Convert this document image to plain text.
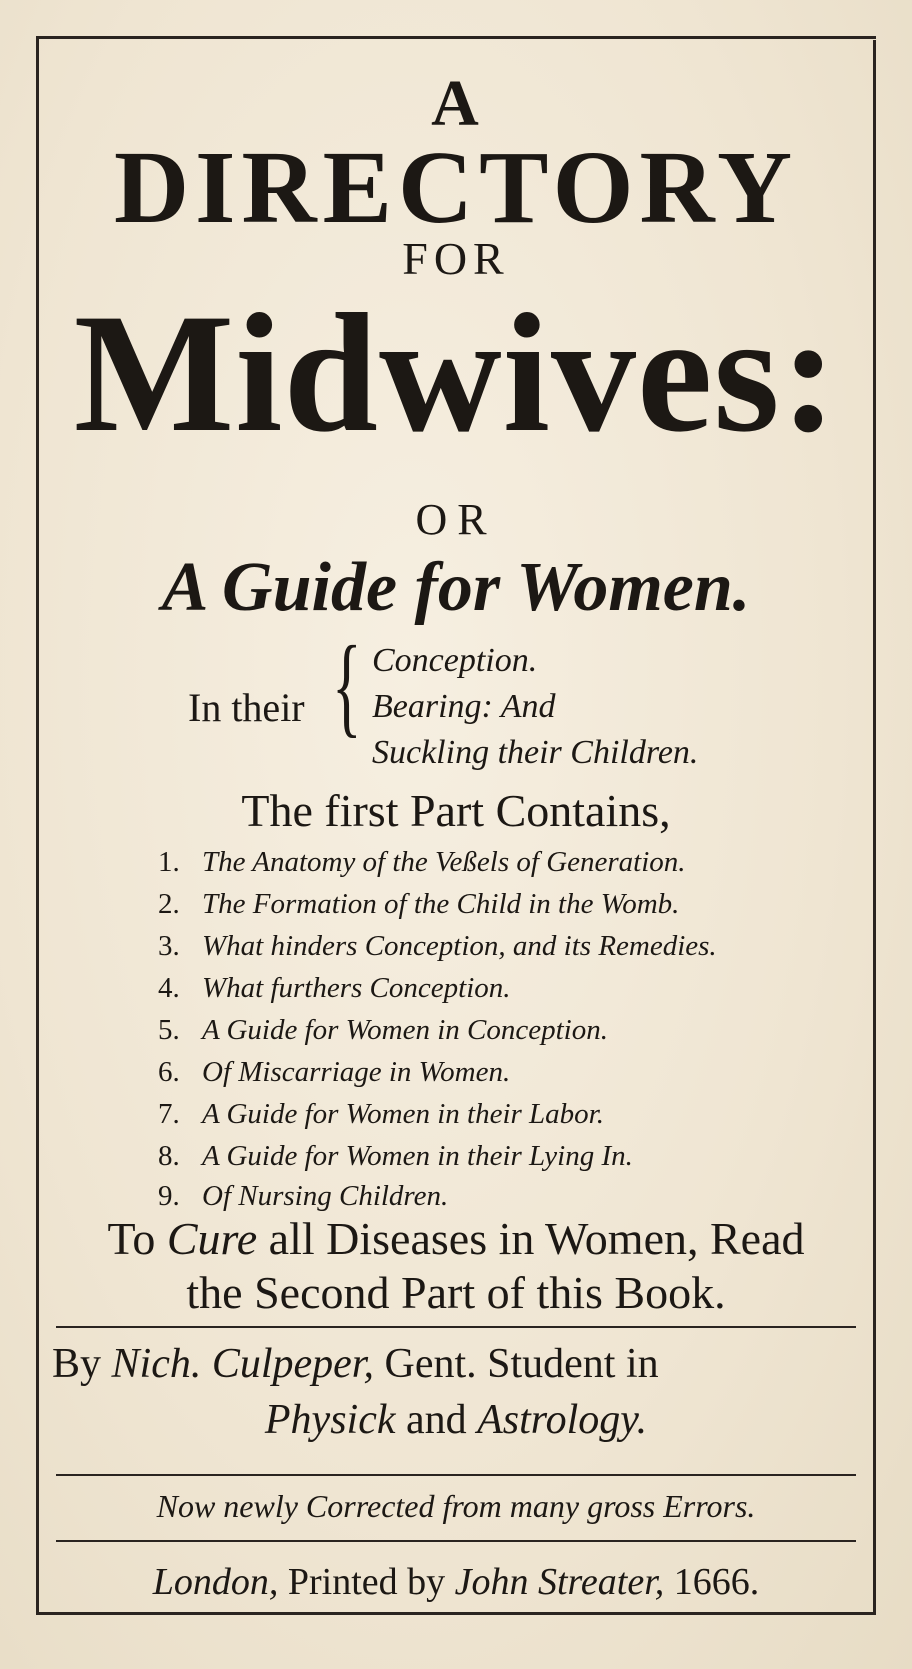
A
DIRECTORY
FOR
Midwives:
OR
A Guide for Women.
In their { Conception.
Bearing: And
Suckling their Children.
The first Part Contains,
1. The Anatomy of the Veßels of Generation.
2. The Formation of the Child in the Womb.
3. What hinders Conception, and its Remedies.
4. What furthers Conception.
5. A Guide for Women in Conception.
6. Of Miscarriage in Women.
7. A Guide for Women in their Labor.
8. A Guide for Women in their Lying In.
9. Of Nursing Children.
To Cure all Diseases in Women, Read
the Second Part of this Book.
By Nich. Culpeper, Gent. Student in
Physick and Astrology.
Now newly Corrected from many gross Errors.
London, Printed by John Streater, 1666.
